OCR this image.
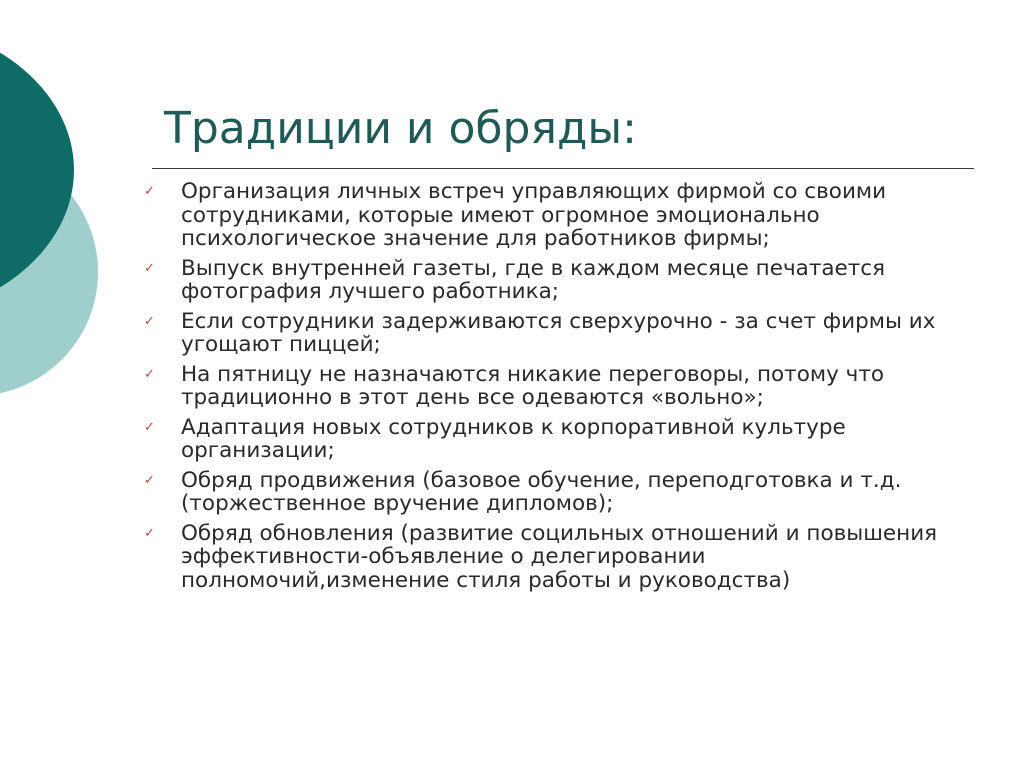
Традиции и обряды:
✓ Организация личных встреч управляющих фирмой со своими сотрудниками, которые имеют огромное эмоционально психологическое значение для работников фирмы;
✓ Выпуск внутренней газеты, где в каждом месяце печатается фотография лучшего работника;
✓ Если сотрудники задерживаются сверхурочно - за счет фирмы их угощают пиццей;
✓ На пятницу не назначаются никакие переговоры, потому что традиционно в этот день все одеваются «вольно»;
✓ Адаптация новых сотрудников к корпоративной культуре организации;
✓ Обряд продвижения (базовое обучение, переподготовка и т.д.(торжественное вручение дипломов);
✓ Обряд обновления (развитие социльных отношений и повышения эффективности-объявление о делегировании полномочий,изменение стиля работы и руководства)
